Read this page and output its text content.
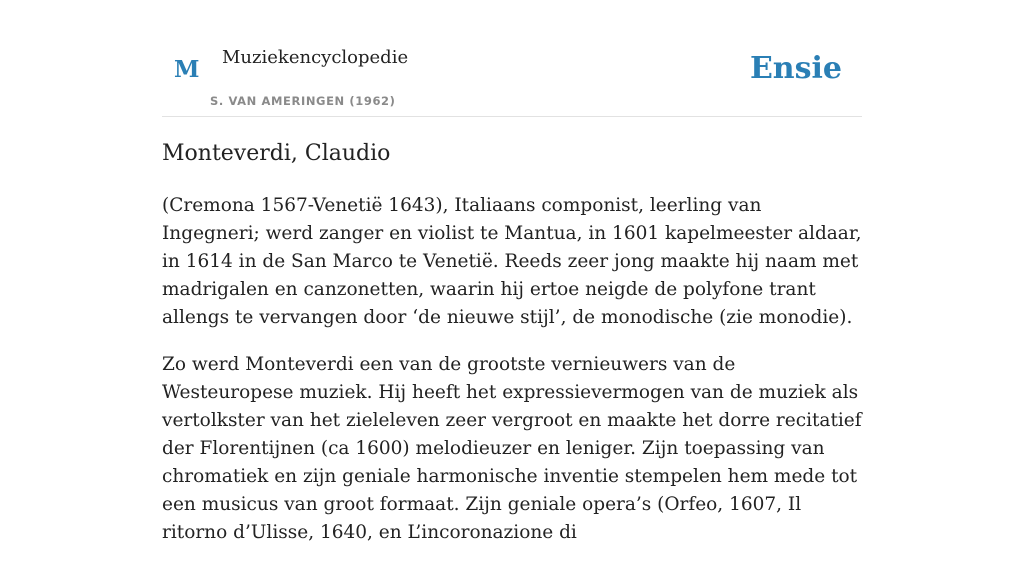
M Muziekencyclopedie
S. VAN AMERINGEN (1962)
Ensie
Monteverdi, Claudio

(Cremona 1567-Venetië 1643), Italiaans componist, leerling van Ingegneri; werd zanger en violist te Mantua, in 1601 kapelmeester aldaar, in 1614 in de San Marco te Venetië. Reeds zeer jong maakte hij naam met madrigalen en canzonetten, waarin hij ertoe neigde de polyfone trant allengs te vervangen door ‘de nieuwe stijl’, de monodische (zie monodie).

Zo werd Monteverdi een van de grootste vernieuwers van de Westeuropese muziek. Hij heeft het expressievermogen van de muziek als vertolkster van het zieleleven zeer vergroot en maakte het dorre recitatief der Florentijnen (ca 1600) melodieuzer en leniger. Zijn toepassing van chromatiek en zijn geniale harmonische inventie stempelen hem mede tot een musicus van groot formaat. Zijn geniale opera’s (Orfeo, 1607, Il ritorno d’Ulisse, 1640, en L’incoronazione di
